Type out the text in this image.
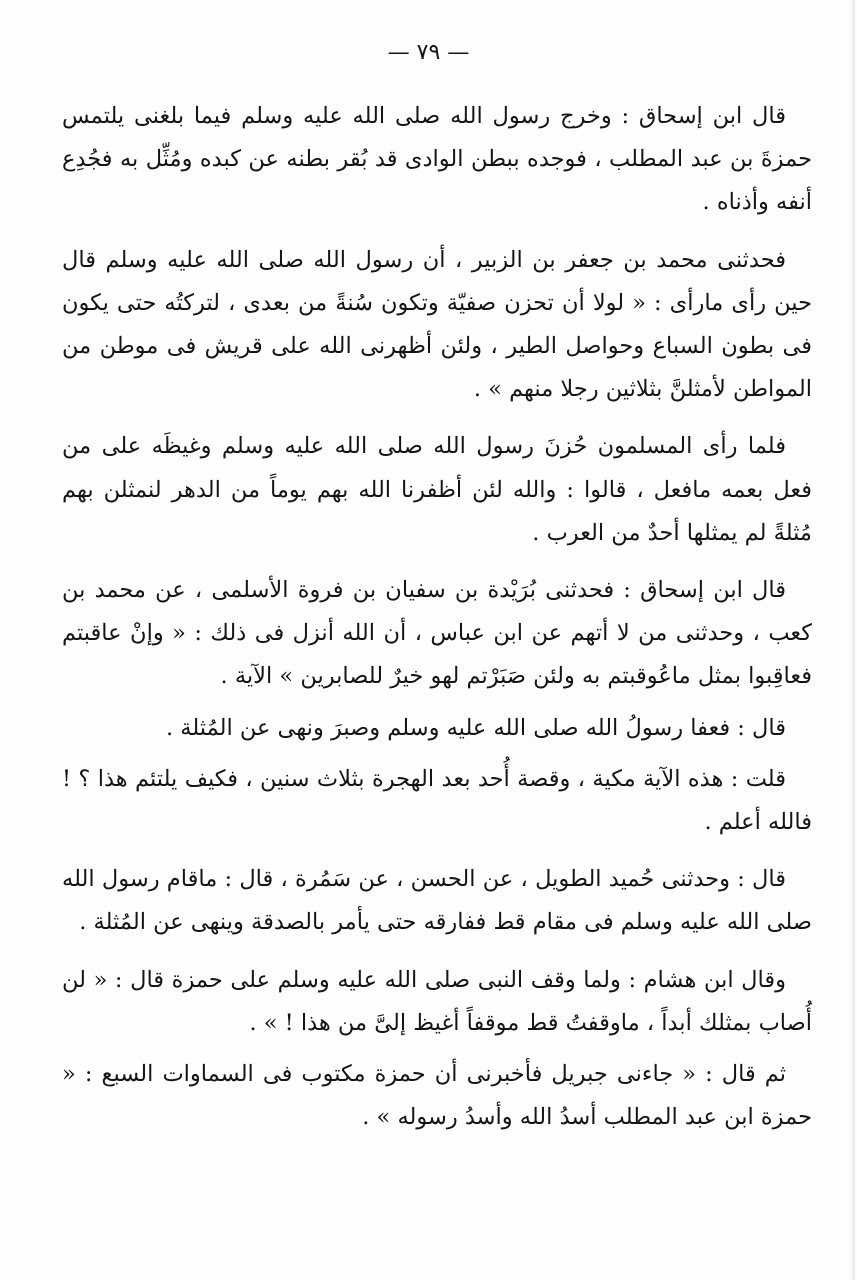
— ٧٩ —

قال ابن إسحاق : وخرج رسول الله صلى الله عليه وسلم فيما بلغنى يلتمس حمزةَ بن عبد المطلب ، فوجده ببطن الوادى قد بُقر بطنه عن كبده ومُثِّل به فجُدِع أنفه وأذناه .

فحدثنى محمد بن جعفر بن الزبير ، أن رسول الله صلى الله عليه وسلم قال حين رأى مارأى : « لولا أن تحزن صفيّة وتكون سُنةً من بعدى ، لتركتُه حتى يكون فى بطون السباع وحواصل الطير ، ولئن أظهرنى الله على قريش فى موطن من المواطن لأمثلنَّ بثلاثين رجلا منهم » .

فلما رأى المسلمون حُزنَ رسول الله صلى الله عليه وسلم وغيظَه على من فعل بعمه مافعل ، قالوا : والله لئن أظفرنا الله بهم يوماً من الدهر لنمثلن بهم مُثلةً لم يمثلها أحدٌ من العرب .

قال ابن إسحاق : فحدثنى بُرَيْدة بن سفيان بن فروة الأسلمى ، عن محمد بن كعب ، وحدثنى من لا أتهم عن ابن عباس ، أن الله أنزل فى ذلك : « وإنْ عاقبتم فعاقِبوا بمثل ماعُوقبتم به ولئن صَبَرْتم لهو خيرٌ للصابرين » الآية .

قال : فعفا رسولُ الله صلى الله عليه وسلم وصبرَ ونهى عن المُثلة .

قلت : هذه الآية مكية ، وقصة أُحد بعد الهجرة بثلاث سنين ، فكيف يلتئم هذا ؟ ! فالله أعلم .

قال : وحدثنى حُميد الطويل ، عن الحسن ، عن سَمُرة ، قال : ماقام رسول الله صلى الله عليه وسلم فى مقام قط ففارقه حتى يأمر بالصدقة وينهى عن المُثلة .

وقال ابن هشام : ولما وقف النبى صلى الله عليه وسلم على حمزة قال : « لن أُصاب بمثلك أبداً ، ماوقفتُ قط موقفاً أغيظ إلىَّ من هذا ! » .

ثم قال : « جاءنى جبريل فأخبرنى أن حمزة مكتوب فى السماوات السبع : « حمزة ابن عبد المطلب أسدُ الله وأسدُ رسوله » .
